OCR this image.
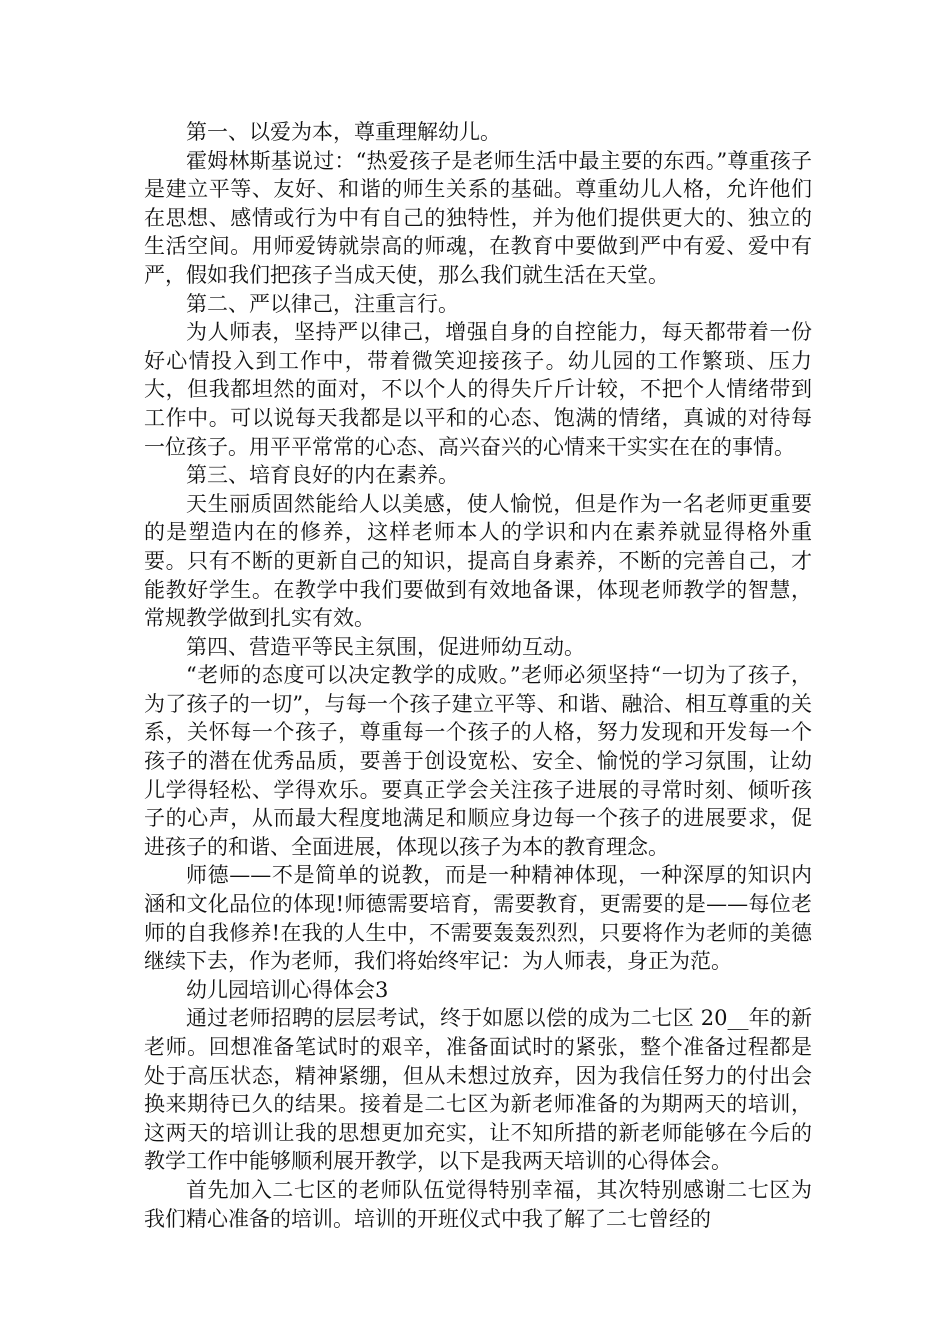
第一、以爱为本，尊重理解幼儿。

霍姆林斯基说过：“热爱孩子是老师生活中最主要的东西。”尊重孩子是建立平等、友好、和谐的师生关系的基础。尊重幼儿人格，允许他们在思想、感情或行为中有自己的独特性，并为他们提供更大的、独立的生活空间。用师爱铸就崇高的师魂，在教育中要做到严中有爱、爱中有严，假如我们把孩子当成天使，那么我们就生活在天堂。

第二、严以律己，注重言行。

为人师表，坚持严以律己，增强自身的自控能力，每天都带着一份好心情投入到工作中，带着微笑迎接孩子。幼儿园的工作繁琐、压力大，但我都坦然的面对，不以个人的得失斤斤计较，不把个人情绪带到工作中。可以说每天我都是以平和的心态、饱满的情绪，真诚的对待每一位孩子。用平平常常的心态、高兴奋兴的心情来干实实在在的事情。

第三、培育良好的内在素养。

天生丽质固然能给人以美感，使人愉悦，但是作为一名老师更重要的是塑造内在的修养，这样老师本人的学识和内在素养就显得格外重要。只有不断的更新自己的知识，提高自身素养，不断的完善自己，才能教好学生。在教学中我们要做到有效地备课，体现老师教学的智慧，常规教学做到扎实有效。

第四、营造平等民主氛围，促进师幼互动。

“老师的态度可以决定教学的成败。”老师必须坚持“一切为了孩子，为了孩子的一切”，与每一个孩子建立平等、和谐、融洽、相互尊重的关系，关怀每一个孩子，尊重每一个孩子的人格，努力发现和开发每一个孩子的潜在优秀品质，要善于创设宽松、安全、愉悦的学习氛围，让幼儿学得轻松、学得欢乐。要真正学会关注孩子进展的寻常时刻、倾听孩子的心声，从而最大程度地满足和顺应身边每一个孩子的进展要求，促进孩子的和谐、全面进展，体现以孩子为本的教育理念。

师德——不是简单的说教，而是一种精神体现，一种深厚的知识内涵和文化品位的体现!师德需要培育，需要教育，更需要的是——每位老师的自我修养!在我的人生中，不需要轰轰烈烈，只要将作为老师的美德继续下去，作为老师，我们将始终牢记：为人师表，身正为范。

幼儿园培训心得体会3

通过老师招聘的层层考试，终于如愿以偿的成为二七区 20__年的新老师。回想准备笔试时的艰辛，准备面试时的紧张，整个准备过程都是处于高压状态，精神紧绷，但从未想过放弃，因为我信任努力的付出会换来期待已久的结果。接着是二七区为新老师准备的为期两天的培训，这两天的培训让我的思想更加充实，让不知所措的新老师能够在今后的教学工作中能够顺利展开教学，以下是我两天培训的心得体会。

首先加入二七区的老师队伍觉得特别幸福，其次特别感谢二七区为我们精心准备的培训。培训的开班仪式中我了解了二七曾经的
